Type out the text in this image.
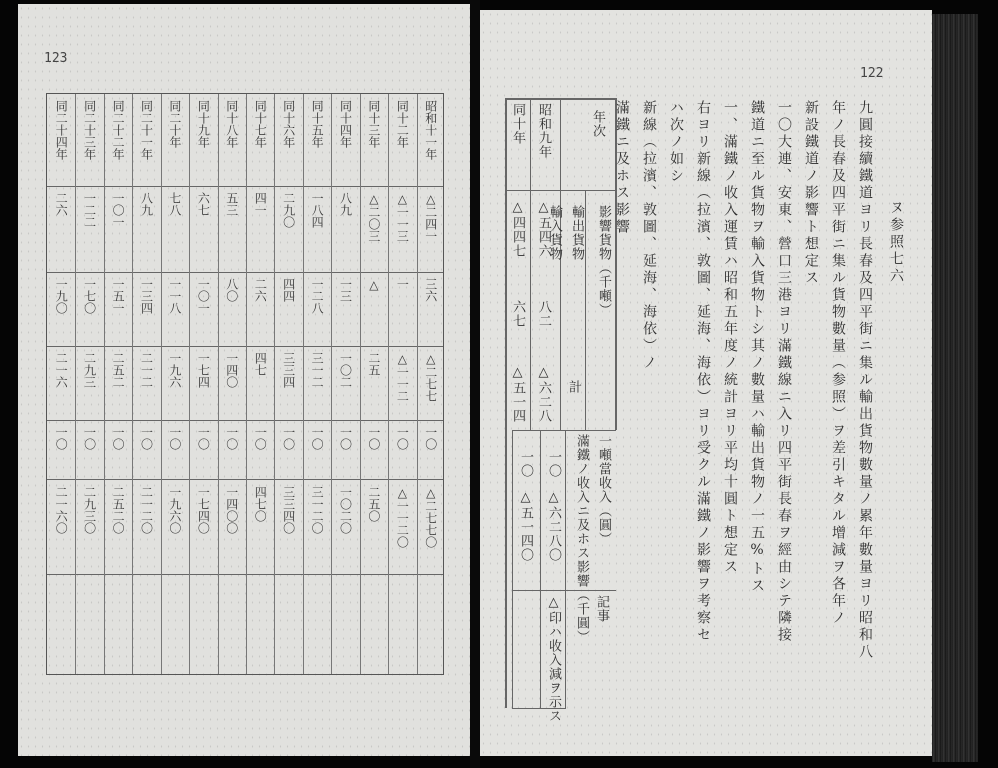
123
昭和十一年
△二四一
三六
△二七七
一〇
△二七七〇
同十二年
△一一三
一
△一一二
一〇
△一一二〇
同十三年
△二〇三
△
二五
一〇
二五〇
同十四年
八九
一三
一〇二
一〇
一〇二〇
同十五年
一八四
一二八
三一二
一〇
三一二〇
同十六年
二九〇
四四
三三四
一〇
三三四〇
同十七年
四一
二六
四七
一〇
四七〇
同十八年
五三
八〇
一四〇
一〇
一四〇〇
同十九年
六七
一〇一
一七四
一〇
一七四〇
同二十年
七八
一一八
一九六
一〇
一九六〇
同二十一年
八九
一三四
二一二
一〇
二一二〇
同二十二年
一〇一
一五一
二五二
一〇
二五二〇
同二十三年
一二二
一七〇
二九三
一〇
二九三〇
同二十四年
二六
一九〇
二一六
一〇
二一六〇
122
年次
影響貨物（千噸）
輸出貨物
輸入貨物
計
昭和九年
同十年
△五四六
△四四七
八二
六七
△六二八
△五一四
一噸當收入（圓）
滿鐵ノ收入ニ及ホス影響（千圓） 記事
一〇
一〇
△六二八〇
△五一四〇
△印ハ收入減ヲ示ス
ヌ参照七六
九圓接續鐵道ヨリ長春及四平街ニ集ル輸出貨物數量ノ累年數量ヨリ昭和八
年ノ長春及四平街ニ集ル貨物數量（参照）ヲ差引キタル增減ヲ各年ノ
新設鐵道ノ影響ト想定ス
一〇大連、安東、營口三港ヨリ滿鐵線ニ入リ四平街長春ヲ經由シテ隣接
鐵道ニ至ル貨物ヲ輸入貨物トシ其ノ數量ハ輸出貨物ノ一五%トス
一、滿鐵ノ收入運賃ハ昭和五年度ノ統計ヨリ平均十圓ト想定ス
右ヨリ新線（拉濱、敦圖、延海、海依）ヨリ受クル滿鐵ノ影響ヲ考察セ
ハ次ノ如シ
新線（拉濱、敦圖、延海、海依）ノ
滿鐵ニ及ホス影響
